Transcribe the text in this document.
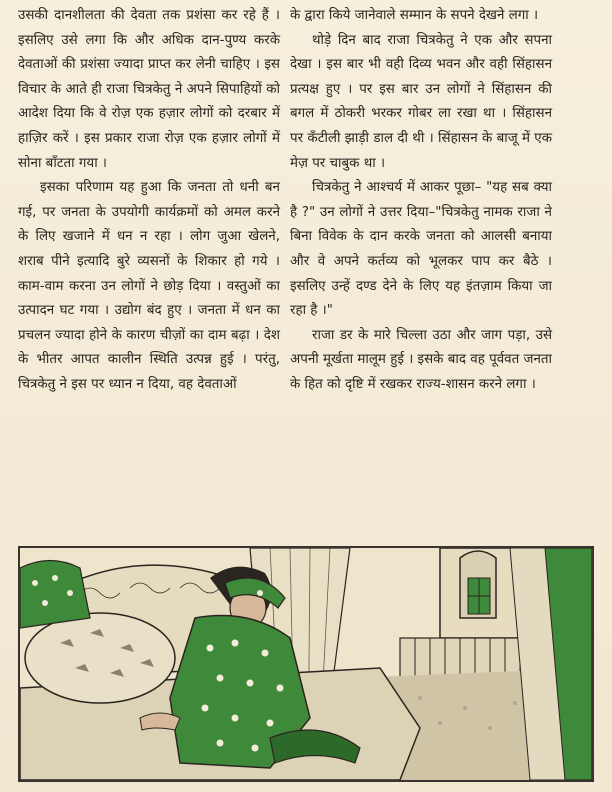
उसकी दानशीलता की देवता तक प्रशंसा कर रहे हैं । इसलिए उसे लगा कि और अधिक दान-पुण्य करके देवताओं की प्रशंसा ज्यादा प्राप्त कर लेनी चाहिए । इस विचार के आते ही राजा चित्रकेतु ने अपने सिपाहियों को आदेश दिया कि वे रोज़ एक हज़ार लोगों को दरबार में हाज़िर करें । इस प्रकार राजा रोज़ एक हज़ार लोगों में सोना बाँटता गया ।

इसका परिणाम यह हुआ कि जनता तो धनी बन गई, पर जनता के उपयोगी कार्यक्रमों को अमल करने के लिए खजाने में धन न रहा । लोग जुआ खेलने, शराब पीने इत्यादि बुरे व्यसनों के शिकार हो गये । काम-वाम करना उन लोगों ने छोड़ दिया । वस्तुओं का उत्पादन घट गया । उद्योग बंद हुए । जनता में धन का प्रचलन ज्यादा होने के कारण चीज़ों का दाम बढ़ा । देश के भीतर आपत कालीन स्थिति उत्पन्न हुई । परंतु, चित्रकेतु ने इस पर ध्यान न दिया, वह देवताओं

के द्वारा किये जानेवाले सम्मान के सपने देखने लगा ।

थोड़े दिन बाद राजा चित्रकेतु ने एक और सपना देखा । इस बार भी वही दिव्य भवन और वही सिंहासन प्रत्यक्ष हुए । पर इस बार उन लोगों ने सिंहासन की बगल में ठोकरी भरकर गोबर ला रखा था । सिंहासन पर कँटीली झाड़ी डाल दी थी । सिंहासन के बाजू में एक मेज़ पर चाबुक था ।

चित्रकेतु ने आश्चर्य में आकर पूछा– "यह सब क्या है ?" उन लोगों ने उत्तर दिया–"चित्रकेतु नामक राजा ने बिना विवेक के दान करके जनता को आलसी बनाया और वे अपने कर्तव्य को भूलकर पाप कर बैठे । इसलिए उन्हें दण्ड देने के लिए यह इंतज़ाम किया जा रहा है ।"

राजा डर के मारे चिल्ला उठा और जाग पड़ा, उसे अपनी मूर्खता मालूम हुई । इसके बाद वह पूर्ववत जनता के हित को दृष्टि में रखकर राज्य-शासन करने लगा ।
